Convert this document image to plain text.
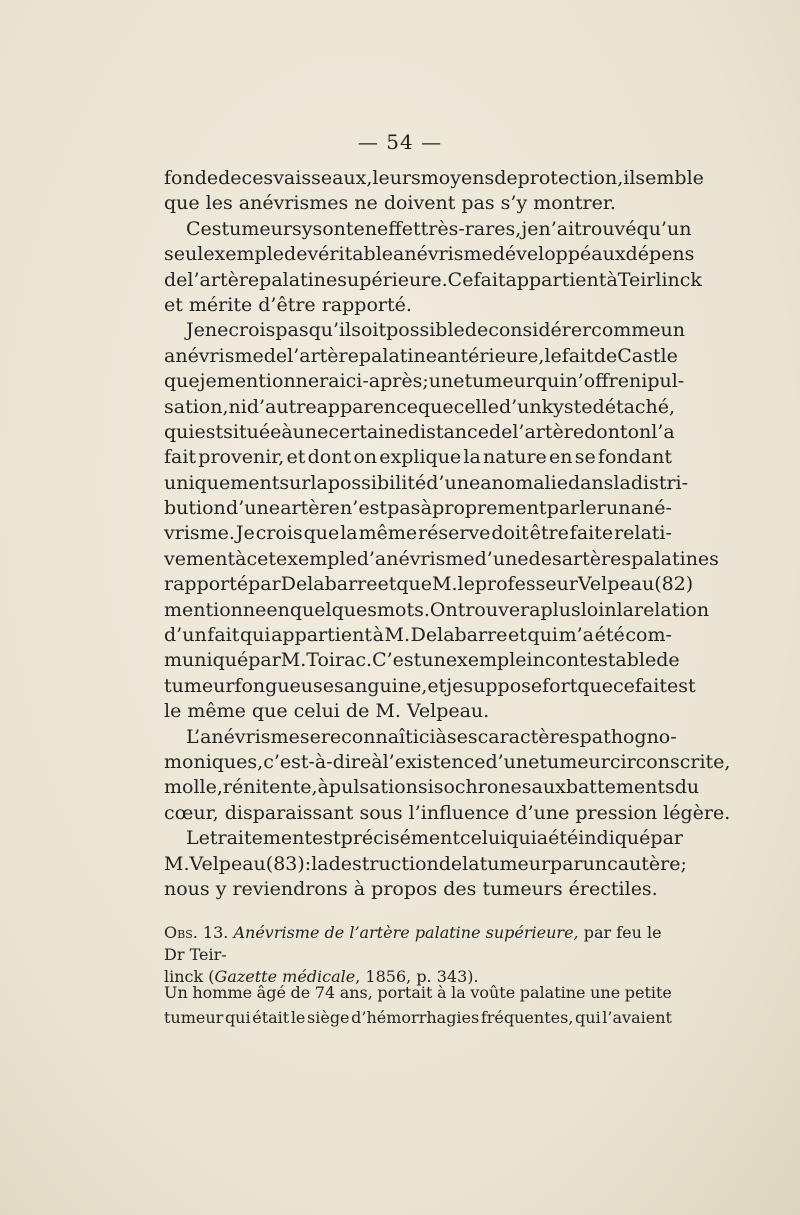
— 54 —
fonde de ces vaisseaux, leurs moyens de protection, il semble
que les anévrismes ne doivent pas s’y montrer.
Ces tumeurs y sont en effet très-rares, je n’ai trouvé qu’un
seul exemple de véritable anévrisme développé aux dépens
de l’artère palatine supérieure. Ce fait appartient à Teirlinck
et mérite d’être rapporté.
Je ne crois pas qu’il soit possible de considérer comme un
anévrisme de l’artère palatine antérieure, le fait de Castle
que je mentionnerai ci-après ; une tumeur qui n’offre ni pul-
sation, ni d’autre apparence que celle d’un kyste détaché,
qui est située à une certaine distance de l’artère dont on l’a
fait provenir, et dont on explique la nature en se fondant
uniquement sur la possibilité d’une anomalie dans la distri-
bution d’une artère n’est pas à proprement parler un ané-
vrisme. Je crois que la même réserve doit être faite relati-
vement à cet exemple d’anévrisme d’une des artères palatines
rapporté par Delabarre et que M. le professeur Velpeau (82)
mentionne en quelques mots. On trouvera plus loin la relation
d’un fait qui appartient à M. Delabarre et qui m’a été com-
muniqué par M. Toirac. C’est un exemple incontestable de
tumeur fongueuse sanguine, et je suppose fort que ce fait est
le même que celui de M. Velpeau.
L’anévrisme se reconnaît ici à ses caractères pathogno-
moniques, c’est-à-dire à l’existence d’une tumeur circonscrite,
molle, rénitente, à pulsations isochrones aux battements du
cœur, disparaissant sous l’influence d’une pression légère.
Le traitement est précisément celui qui a été indiqué par
M. Velpeau (83) : la destruction de la tumeur par un cautère ;
nous y reviendrons à propos des tumeurs érectiles.
Obs. 13. Anévrisme de l’artère palatine supérieure, par feu le Dr Teir-
linck (Gazette médicale, 1856, p. 343).
Un homme âgé de 74 ans, portait à la voûte palatine une petite
tumeur qui était le siège d’hémorrhagies fréquentes, qui l’avaient
